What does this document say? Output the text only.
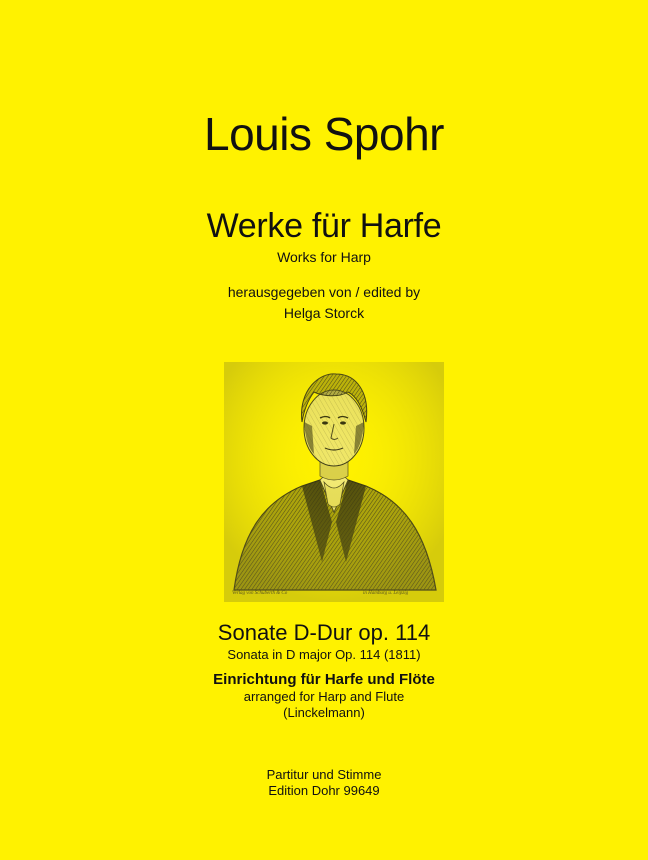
Louis Spohr
Werke für Harfe
Works for Harp
herausgegeben von / edited by
Helga Storck
Verlag von Schuberth & Co	in Hamburg u. Leipzig
Sonate D-Dur op. 114
Sonata in D major Op. 114 (1811)
Einrichtung für Harfe und Flöte
arranged for Harp and Flute
(Linckelmann)
Partitur und Stimme
Edition Dohr 99649
